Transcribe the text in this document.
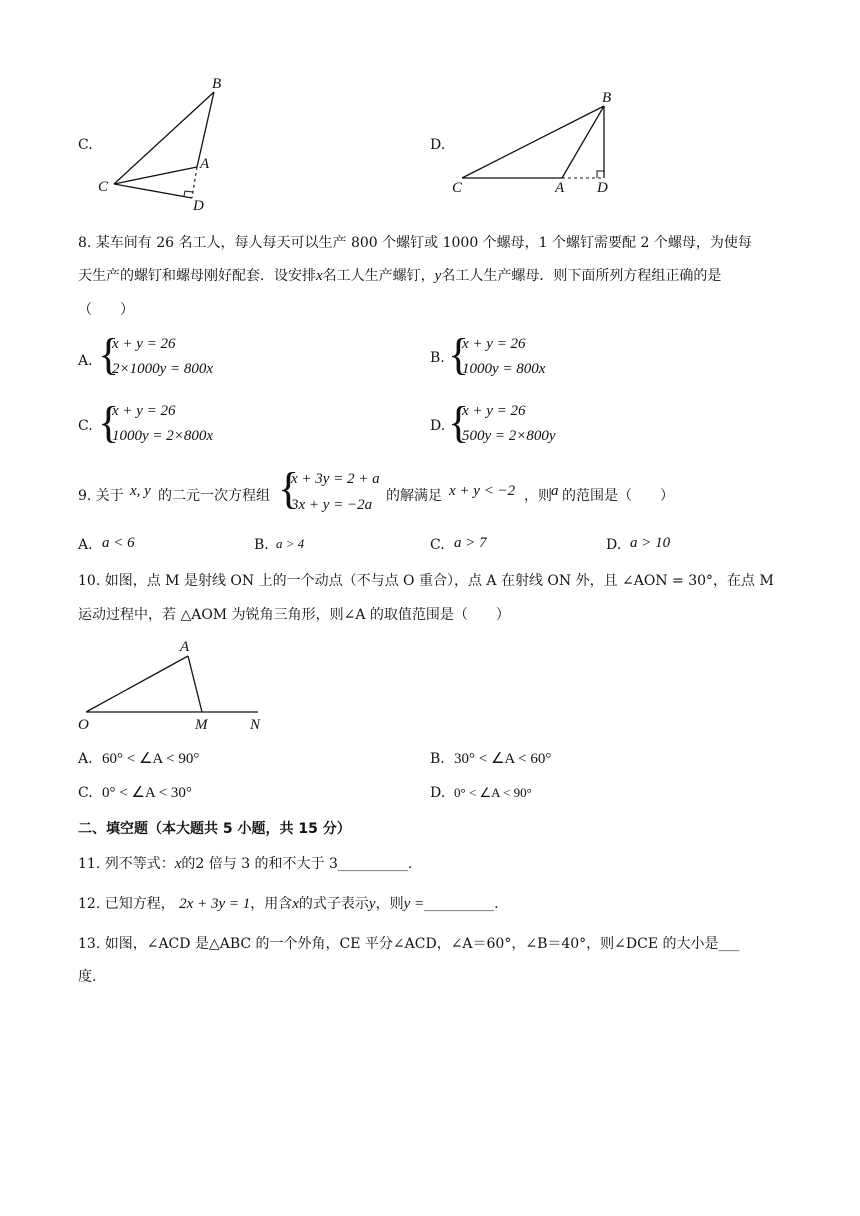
C.
B
A
C
D
D.
B
C	A D
8. 某车间有 26 名工人，每人每天可以生产 800 个螺钉或 1000 个螺母，1 个螺钉需要配 2 个螺母，为使每
天生产的螺钉和螺母刚好配套．设安排x名工人生产螺钉，y名工人生产螺母．则下面所列方程组正确的是
（　　）
A．
{
x + y = 26
2×1000y = 800x
B. {
x + y = 26
1000y = 800x
C. {
x + y = 26
1000y = 2×800x
D. {
x + y = 26
500y = 2×800y
9. 关于 x, y 的二元一次方程组 {
x + 3y = 2 + a
3x + y = −2a
的解满足 x + y < −2 ，则 a 的范围是（　　）
A. a < 6	B. a > 4	C. a > 7	D. a > 10
10. 如图，点 M 是射线 ON 上的一个动点（不与点 O 重合），点 A 在射线 ON 外，且 ∠AON = 30°，在点 M
运动过程中，若 △AOM 为锐角三角形，则∠A 的取值范围是（　　）
A
O	M	N
A. 60° < ∠A < 90°	B. 30° < ∠A < 60°
C. 0° < ∠A < 30°	D. 0° < ∠A < 90°
二、填空题（本大题共 5 小题，共 15 分）
11. 列不等式：x的2 倍与 3 的和不大于 3__________.
12. 已知方程， 2x + 3y = 1，用含x的式子表示y，则y =__________.
13. 如图，∠ACD 是△ABC 的一个外角，CE 平分∠ACD，∠A＝60°，∠B＝40°，则∠DCE 的大小是___
度.
